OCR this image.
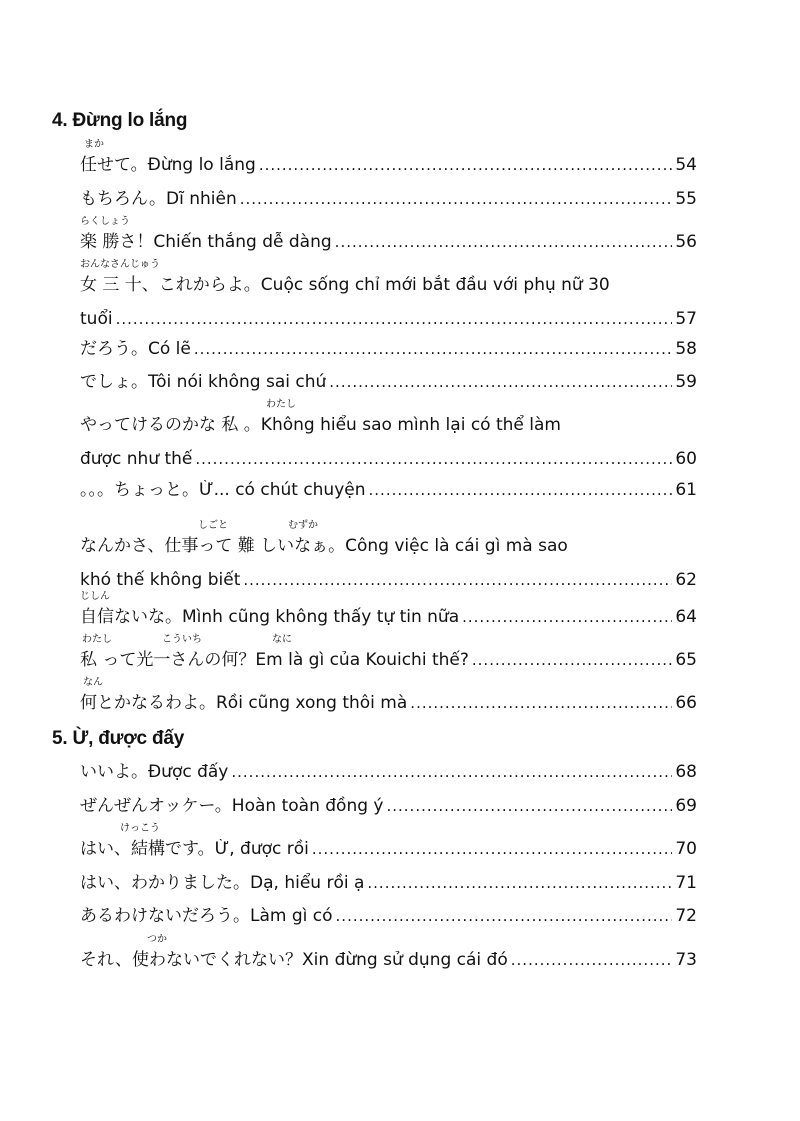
4. Đừng lo lắng
まか
任せて。Đừng lo lắng .....	54
もちろん。Dĩ nhiên .....	55
らくしょう
楽 勝さ！Chiến thắng dễ dàng .....	56
おんなさんじゅう
女 三 十、これからよ。Cuộc sống chỉ mới bắt đầu với phụ nữ 30
tuổi .....	57
だろう。Có lẽ .....	58
でしょ。Tôi nói không sai chứ .....	59
わたし
やってけるのかな 私 。Không hiểu sao mình lại có thể làm
được như thế .....	60
。。。ちょっと。Ừ... có chút chuyện .....	61
しごと	むずか
なんかさ、仕事って 難 しいなぁ。Công việc là cái gì mà sao
khó thế không biết .....	62
じしん
自信ないな。Mình cũng không thấy tự tin nữa .....	64
わたし	こういち	なに
私 って光一さんの何？Em là gì của Kouichi thế? .....	65
なん
何とかなるわよ。Rồi cũng xong thôi mà .....	66
5. Ừ, được đấy
いいよ。Được đấy .....	68
ぜんぜんオッケー。Hoàn toàn đồng ý .....	69
けっこう
はい、結構です。Ừ, được rồi .....	70
はい、わかりました。Dạ, hiểu rồi ạ .....	71
あるわけないだろう。Làm gì có .....	72
つか
それ、使わないでくれない？Xin đừng sử dụng cái đó .....	73
